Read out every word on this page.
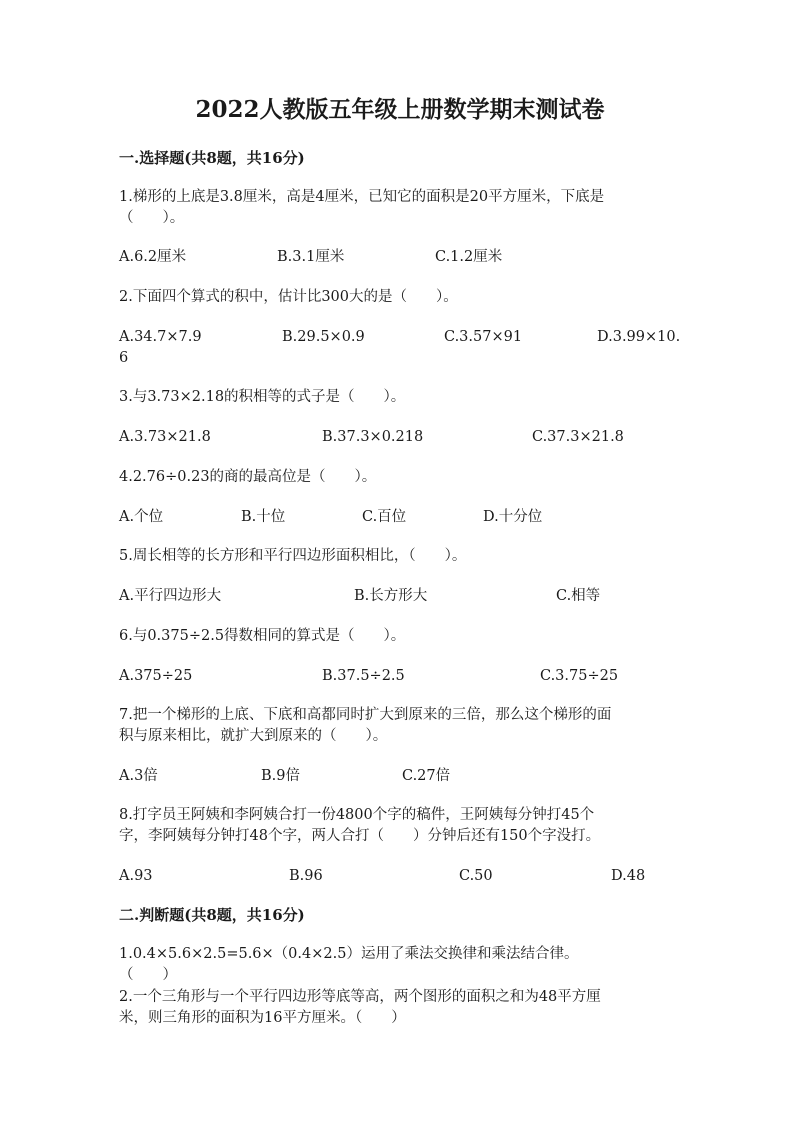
2022人教版五年级上册数学期末测试卷
一.选择题(共8题，共16分)
1.梯形的上底是3.8厘米，高是4厘米，已知它的面积是20平方厘米，下底是
（　　）。
A.6.2厘米	B.3.1厘米	C.1.2厘米
2.下面四个算式的积中，估计比300大的是（　　）。
A.34.7×7.9	B.29.5×0.9	C.3.57×91	D.3.99×10.
6
3.与3.73×2.18的积相等的式子是（　　）。
A.3.73×21.8	B.37.3×0.218	C.37.3×21.8
4.2.76÷0.23的商的最高位是（　　）。
A.个位	B.十位	C.百位	D.十分位
5.周长相等的长方形和平行四边形面积相比，（　　）。
A.平行四边形大	B.长方形大	C.相等
6.与0.375÷2.5得数相同的算式是（　　）。
A.375÷25	B.37.5÷2.5	C.3.75÷25
7.把一个梯形的上底、下底和高都同时扩大到原来的三倍，那么这个梯形的面
积与原来相比，就扩大到原来的（　　）。
A.3倍	B.9倍	C.27倍
8.打字员王阿姨和李阿姨合打一份4800个字的稿件，王阿姨每分钟打45个
字，李阿姨每分钟打48个字，两人合打（　　）分钟后还有150个字没打。
A.93	B.96	C.50	D.48
二.判断题(共8题，共16分)
1.0.4×5.6×2.5=5.6×（0.4×2.5）运用了乘法交换律和乘法结合律。
（　　）
2.一个三角形与一个平行四边形等底等高，两个图形的面积之和为48平方厘
米，则三角形的面积为16平方厘米。（　　）
